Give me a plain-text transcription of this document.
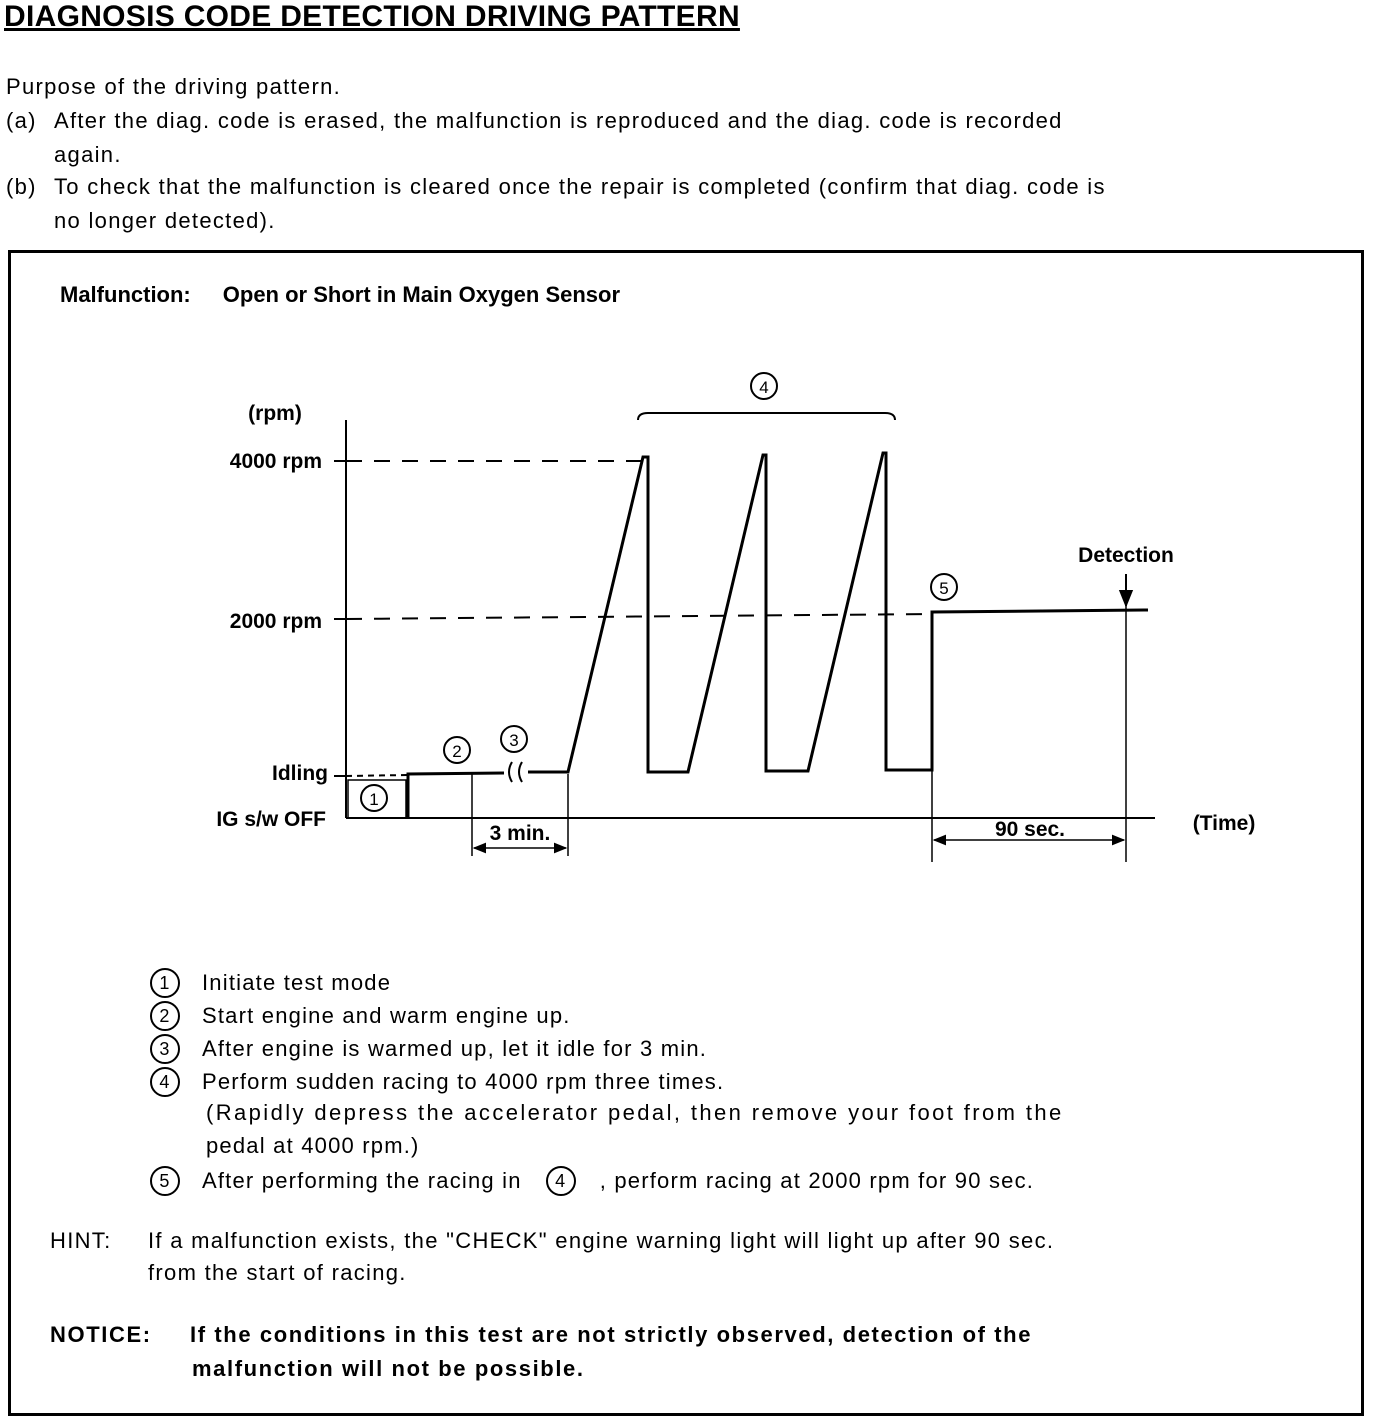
DIAGNOSIS CODE DETECTION DRIVING PATTERN
Purpose of the driving pattern.
(a) After the diag. code is erased, the malfunction is reproduced and the diag. code is recorded
again.
(b) To check that the malfunction is cleared once the repair is completed (confirm that diag. code is
no longer detected).
Malfunction: Open or Short in Main Oxygen Sensor
(rpm)
(Time)
4000 rpm
2000 rpm
Idling
IG s/w OFF
3 min.	90 sec.
Detection
1
2
3
4
5
1 Initiate test mode
2 Start engine and warm engine up.
3 After engine is warmed up, let it idle for 3 min.
4 Perform sudden racing to 4000 rpm three times.
(Rapidly depress the accelerator pedal, then remove your foot from the
pedal at 4000 rpm.)
5 After performing the racing in 4 , perform racing at 2000 rpm for 90 sec.
HINT: If a malfunction exists, the "CHECK" engine warning light will light up after 90 sec.
from the start of racing.
NOTICE: If the conditions in this test are not strictly observed, detection of the
malfunction will not be possible.
